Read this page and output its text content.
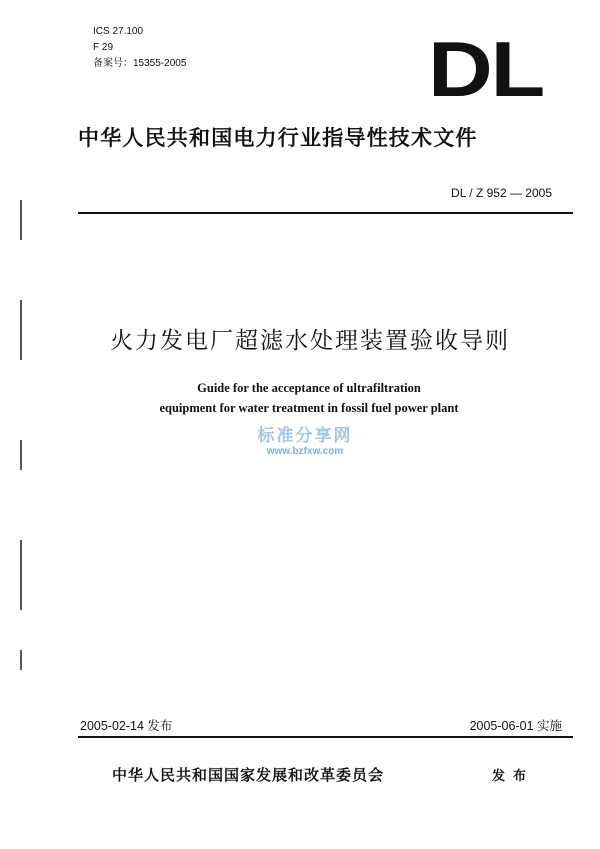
ICS 27.100
F 29
备案号：15355-2005	DL
中华人民共和国电力行业指导性技术文件
DL / Z 952 — 2005
火力发电厂超滤水处理装置验收导则
Guide for the acceptance of ultrafiltration
equipment for water treatment in fossil fuel power plant
标准分享网
www.bzfxw.com
2005-02-14 发布	2005-06-01 实施
中华人民共和国国家发展和改革委员会	发布
